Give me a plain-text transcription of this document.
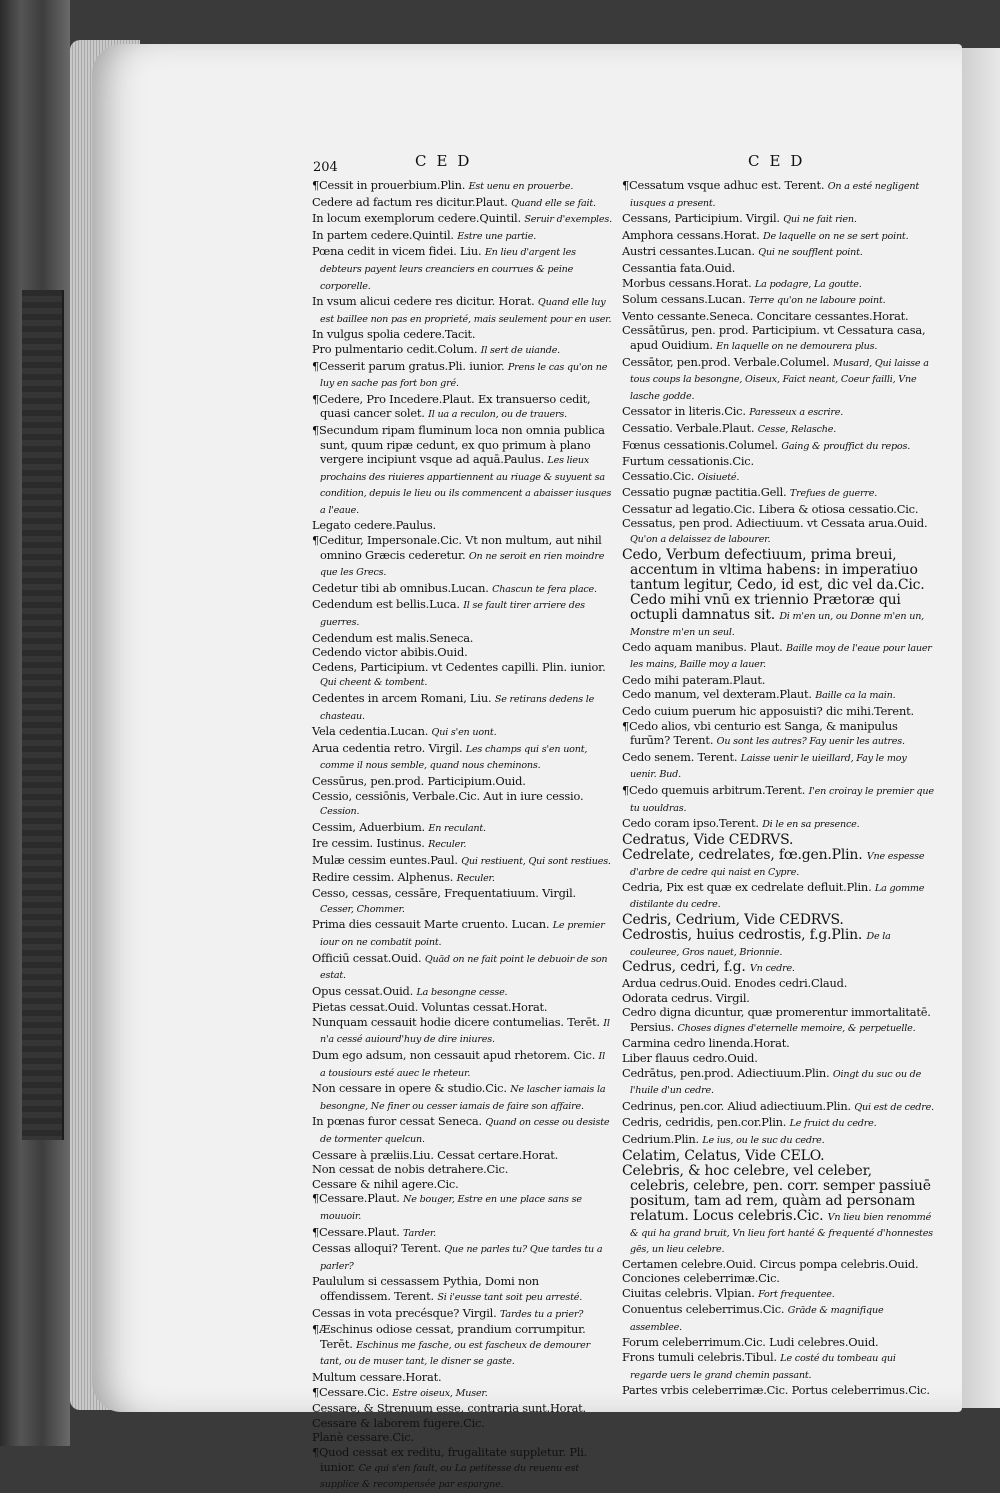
204	CED	CED

¶Cessit in prouerbium.Plin. Est uenu en prouerbe.

Cedere ad factum res dicitur.Plaut. Quand elle se fait.

In locum exemplorum cedere.Quintil. Seruir d'exemples.

In partem cedere.Quintil. Estre une partie.

Pœna cedit in vicem fidei. Liu. En lieu d'argent les debteurs payent leurs creanciers en courrues & peine corporelle.

In vsum alicui cedere res dicitur. Horat. Quand elle luy est baillee non pas en proprieté, mais seulement pour en user.

In vulgus spolia cedere.Tacit.

Pro pulmentario cedit.Colum. Il sert de uiande.

¶Cesserit parum gratus.Pli. iunior. Prens le cas qu'on ne luy en sache pas fort bon gré.

¶Cedere, Pro Incedere.Plaut. Ex transuerso cedit, quasi cancer solet. Il ua a reculon, ou de trauers.

¶Secundum ripam fluminum loca non omnia publica sunt, quum ripæ cedunt, ex quo primum à plano vergere incipiunt vsque ad aquā.Paulus. Les lieux prochains des riuieres appartiennent au riuage & suyuent sa condition, depuis le lieu ou ils commencent a abaisser iusques a l'eaue.

Legato cedere.Paulus.

¶Ceditur, Impersonale.Cic. Vt non multum, aut nihil omnino Græcis cederetur. On ne seroit en rien moindre que les Grecs.

Cedetur tibi ab omnibus.Lucan. Chascun te fera place.

Cedendum est bellis.Luca. Il se fault tirer arriere des guerres.

Cedendum est malis.Seneca.

Cedendo victor abibis.Ouid.

Cedens, Participium. vt Cedentes capilli. Plin. iunior. Qui cheent & tombent.

Cedentes in arcem Romani, Liu. Se retirans dedens le chasteau.

Vela cedentia.Lucan. Qui s'en uont.

Arua cedentia retro. Virgil. Les champs qui s'en uont, comme il nous semble, quand nous cheminons.

Cessūrus, pen.prod. Participium.Ouid.

Cessio, cessiōnis, Verbale.Cic. Aut in iure cessio. Cession.

Cessim, Aduerbium. En reculant.

Ire cessim. Iustinus. Reculer.

Mulæ cessim euntes.Paul. Qui restiuent, Qui sont restiues.

Redire cessim. Alphenus. Reculer.

Cesso, cessas, cessāre, Frequentatiuum. Virgil. Cesser, Chommer.

Prima dies cessauit Marte cruento. Lucan. Le premier iour on ne combatit point.

Officiū cessat.Ouid. Quād on ne fait point le debuoir de son estat.

Opus cessat.Ouid. La besongne cesse.

Pietas cessat.Ouid. Voluntas cessat.Horat.

Nunquam cessauit hodie dicere contumelias. Terēt. Il n'a cessé auiourd'huy de dire iniures.

Dum ego adsum, non cessauit apud rhetorem. Cic. Il a tousiours esté auec le rheteur.

Non cessare in opere & studio.Cic. Ne lascher iamais la besongne, Ne finer ou cesser iamais de faire son affaire.

In pœnas furor cessat Seneca. Quand on cesse ou desiste de tormenter quelcun.

Cessare à præliis.Liu. Cessat certare.Horat.

Non cessat de nobis detrahere.Cic.

Cessare & nihil agere.Cic.

¶Cessare.Plaut. Ne bouger, Estre en une place sans se mouuoir.

¶Cessare.Plaut. Tarder.

Cessas alloqui? Terent. Que ne parles tu? Que tardes tu a parler?

Paululum si cessassem Pythia, Domi non offendissem. Terent. Si i'eusse tant soit peu arresté.

Cessas in vota precésque? Virgil. Tardes tu a prier?

¶Æschinus odiose cessat, prandium corrumpitur. Terēt. Eschinus me fasche, ou est fascheux de demourer tant, ou de muser tant, le disner se gaste.

Multum cessare.Horat.

¶Cessare.Cic. Estre oiseux, Muser.

Cessare, & Strenuum esse, contraria sunt.Horat.

Cessare & laborem fugere.Cic.

Planè cessare.Cic.

¶Quod cessat ex reditu, frugalitate suppletur. Pli. iunior. Ce qui s'en fault, ou La petitesse du reuenu est supplice & recompensée par espargne.

¶Cessatum vsque adhuc est. Terent. On a esté negligent iusques a present.

Cessans, Participium. Virgil. Qui ne fait rien.

Amphora cessans.Horat. De laquelle on ne se sert point.

Austri cessantes.Lucan. Qui ne soufflent point.

Cessantia fata.Ouid.

Morbus cessans.Horat. La podagre, La goutte.

Solum cessans.Lucan. Terre qu'on ne laboure point.

Vento cessante.Seneca. Concitare cessantes.Horat.

Cessātūrus, pen. prod. Participium. vt Cessatura casa, apud Ouidium. En laquelle on ne demourera plus.

Cessātor, pen.prod. Verbale.Columel. Musard, Qui laisse a tous coups la besongne, Oiseux, Faict neant, Coeur failli, Vne lasche godde.

Cessator in literis.Cic. Paresseux a escrire.

Cessatio. Verbale.Plaut. Cesse, Relasche.

Fœnus cessationis.Columel. Gaing & prouffict du repos.

Furtum cessationis.Cic.

Cessatio.Cic. Oisiueté.

Cessatio pugnæ pactitia.Gell. Trefues de guerre.

Cessatur ad legatio.Cic. Libera & otiosa cessatio.Cic.

Cessatus, pen prod. Adiectiuum. vt Cessata arua.Ouid. Qu'on a delaissez de labourer.

Cedo, Verbum defectiuum, prima breui, accentum in vltima habens: in imperatiuo tantum legitur, Cedo, id est, dic vel da.Cic. Cedo mihi vnū ex triennio Prætoræ qui octupli damnatus sit. Di m'en un, ou Donne m'en un, Monstre m'en un seul.

Cedo aquam manibus. Plaut. Baille moy de l'eaue pour lauer les mains, Baille moy a lauer.

Cedo mihi pateram.Plaut.

Cedo manum, vel dexteram.Plaut. Baille ca la main.

Cedo cuium puerum hic apposuisti? dic mihi.Terent.

¶Cedo alios, vbi centurio est Sanga, & manipulus furūm? Terent. Ou sont les autres? Fay uenir les autres.

Cedo senem. Terent. Laisse uenir le uieillard, Fay le moy uenir. Bud.

¶Cedo quemuis arbitrum.Terent. I'en croiray le premier que tu uouldras.

Cedo coram ipso.Terent. Di le en sa presence.

Cedratus, Vide CEDRVS.

Cedrelate, cedrelates, fœ.gen.Plin. Vne espesse d'arbre de cedre qui naist en Cypre.

Cedria, Pix est quæ ex cedrelate defluit.Plin. La gomme distilante du cedre.

Cedris, Cedrium, Vide CEDRVS.

Cedrostis, huius cedrostis, f.g.Plin. De la couleuree, Gros nauet, Brionnie.

Cedrus, cedri, f.g. Vn cedre.

Ardua cedrus.Ouid. Enodes cedri.Claud.

Odorata cedrus. Virgil.

Cedro digna dicuntur, quæ promerentur immortalitatē. Persius. Choses dignes d'eternelle memoire, & perpetuelle.

Carmina cedro linenda.Horat.

Liber flauus cedro.Ouid.

Cedrātus, pen.prod. Adiectiuum.Plin. Oingt du suc ou de l'huile d'un cedre.

Cedrinus, pen.cor. Aliud adiectiuum.Plin. Qui est de cedre.

Cedris, cedridis, pen.cor.Plin. Le fruict du cedre.

Cedrium.Plin. Le ius, ou le suc du cedre.

Celatim, Celatus, Vide CELO.

Celebris, & hoc celebre, vel celeber, celebris, celebre, pen. corr. semper passiuē positum, tam ad rem, quàm ad personam relatum. Locus celebris.Cic. Vn lieu bien renommé & qui ha grand bruit, Vn lieu fort hanté & frequenté d'honnestes gēs, un lieu celebre.

Certamen celebre.Ouid. Circus pompa celebris.Ouid.

Conciones celeberrimæ.Cic.

Ciuitas celebris. Vlpian. Fort frequentee.

Conuentus celeberrimus.Cic. Grāde & magnifique assemblee.

Forum celeberrimum.Cic. Ludi celebres.Ouid.

Frons tumuli celebris.Tibul. Le costé du tombeau qui regarde uers le grand chemin passant.

Partes vrbis celeberrimæ.Cic. Portus celeberrimus.Cic.
